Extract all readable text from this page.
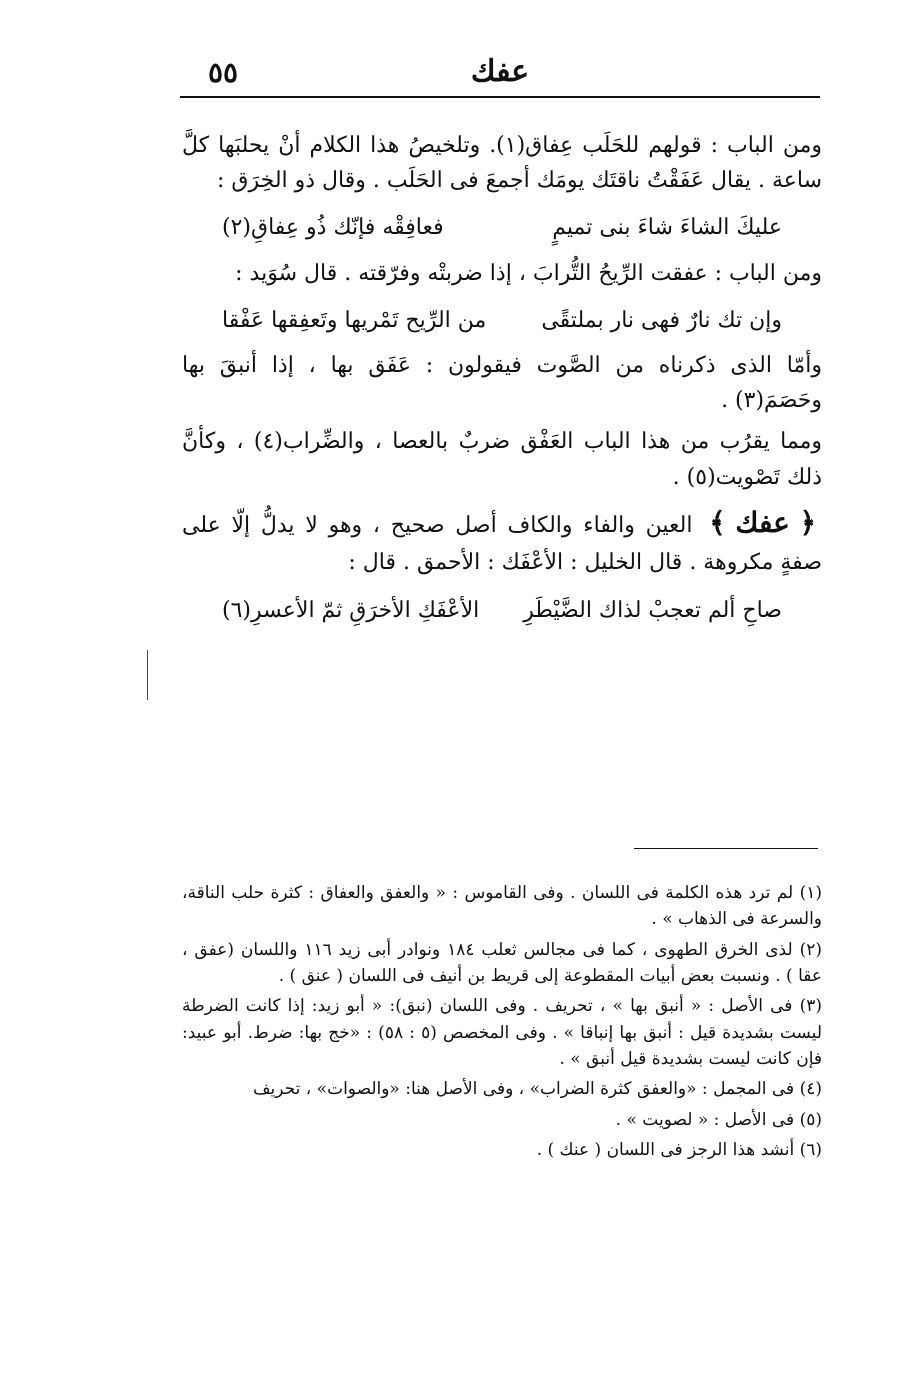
عفك
٥٥

ومن الباب : قولهم للحَلَب عِفاق(١). وتلخيصُ هذا الكلام أنْ يحلبَها كلَّ ساعة . يقال عَفَقْتُ ناقتَك يومَك أجمعَ فى الحَلَب . وقال ذو الخِرَق :

عليكَ الشاءَ شاءَ بنى تميمٍ
فعافِقْه فإنّك ذُو عِفاقِ(٢)

ومن الباب : عفقت الرِّيحُ التُّرابَ ، إذا ضربتْه وفرّقته . قال سُوَيد :

وإن تك نارٌ فهى نار بملتقًى
من الرِّيح تَمْريها وتَعفِقها عَفْقا

وأمّا الذى ذكرناه من الصَّوت فيقولون : عَفَق بها ، إذا أنبقَ بها وحَصَمَ(٣) .

ومما يقرُب من هذا الباب العَفْق ضربٌ بالعصا ، والضِّراب(٤) ، وكأنَّ ذلك تَصْويت(٥) .

﴿ عفك ﴾ العين والفاء والكاف أصل صحيح ، وهو لا يدلُّ إلّا على صفةٍ مكروهة . قال الخليل : الأعْفَك : الأحمق . قال :

صاحِ ألم تعجبْ لذاك الضَّيْطَرِ
الأعْفَكِ الأخرَقِ ثمّ الأعسرِ(٦)

(١) لم ترد هذه الكلمة فى اللسان . وفى القاموس : « والعفق والعفاق : كثرة حلب الناقة، والسرعة فى الذهاب » .

(٢) لذى الخرق الطهوى ، كما فى مجالس ثعلب ١٨٤ ونوادر أبى زيد ١١٦ واللسان (عفق ، عقا ) . ونسبت بعض أبيات المقطوعة إلى قريط بن أنيف فى اللسان ( عنق ) .

(٣) فى الأصل : « أنبق بها » ، تحريف . وفى اللسان (نبق): « أبو زيد: إذا كانت الضرطة ليست بشديدة قيل : أنبق بها إنباقا » . وفى المخصص (٥ : ٥٨) : «خج بها: ضرط. أبو عبيد: فإن كانت ليست بشديدة قيل أنبق » .

(٤) فى المجمل : «والعفق كثرة الضراب» ، وفى الأصل هنا: «والصوات» ، تحريف

(٥) فى الأصل : « لصويت » .

(٦) أنشد هذا الرجز فى اللسان ( عنك ) .
